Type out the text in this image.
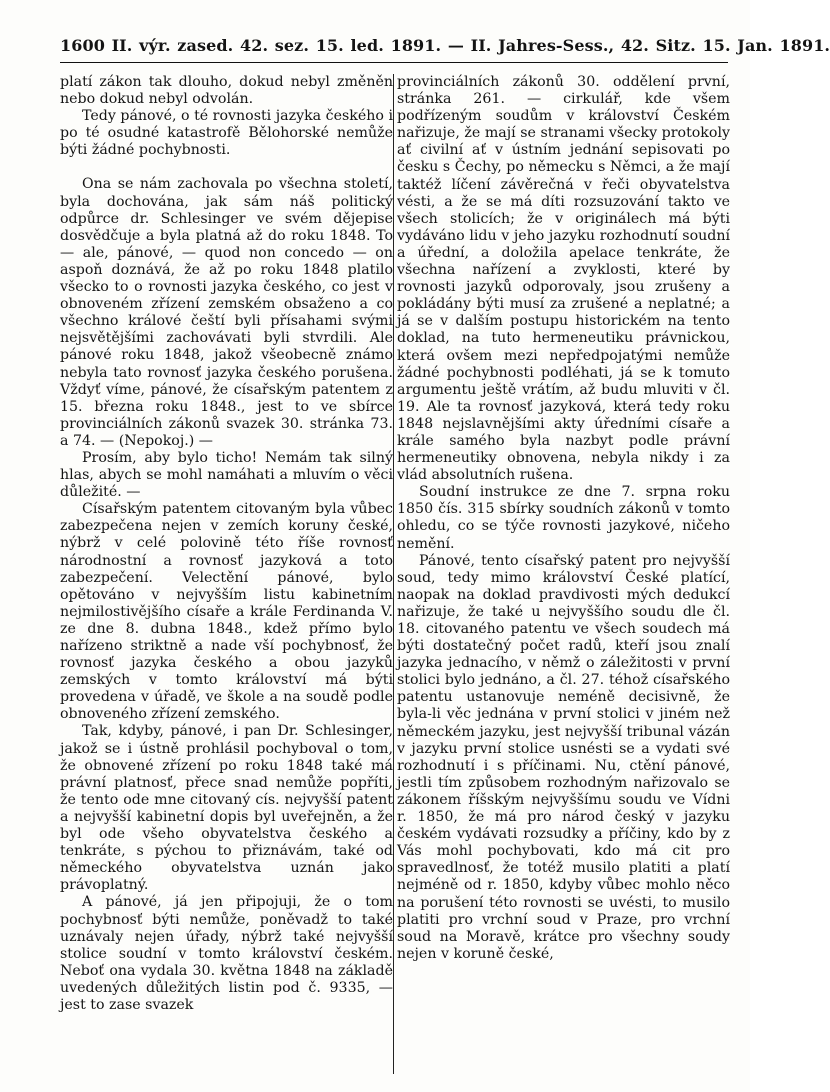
1600 II. výr. zased. 42. sez. 15. led. 1891. — II. Jahres-Sess., 42. Sitz. 15. Jan. 1891.

platí zákon tak dlouho, dokud nebyl změněn nebo dokud nebyl odvolán.

Tedy pánové, o té rovnosti jazyka českého i po té osudné katastrofě Bělohorské nemůže býti žádné pochybnosti.

Ona se nám zachovala po všechna století, byla dochována, jak sám náš politický odpůrce dr. Schlesinger ve svém dějepise dosvědčuje a byla platná až do roku 1848. To — ale, pánové, — quod non concedo — on aspoň doznává, že až po roku 1848 platilo všecko to o rovnosti jazyka českého, co jest v obnoveném zřízení zemském obsaženo a co všechno králové čeští byli přísahami svými nejsvětějšími zachovávati byli stvrdili. Ale pánové roku 1848, jakož všeobecně známo nebyla tato rovnosť jazyka českého porušena. Vždyť víme, pánové, že císařským patentem z 15. března roku 1848., jest to ve sbírce provinciálních zákonů svazek 30. stránka 73. a 74. — (Nepokoj.) —

Prosím, aby bylo ticho! Nemám tak silný hlas, abych se mohl namáhati a mluvím o věci důležité. —

Císařským patentem citovaným byla vůbec zabezpečena nejen v zemích koruny české, nýbrž v celé polovině této říše rovnosť národnostní a rovnosť jazyková a toto zabezpečení. Velectění pánové, bylo opětováno v nejvyšším listu kabinetním nejmilostivějšího císaře a krále Ferdinanda V. ze dne 8. dubna 1848., kdež přímo bylo nařízeno striktně a nade vší pochybnosť, že rovnosť jazyka českého a obou jazyků zemských v tomto království má býti provedena v úřadě, ve škole a na soudě podle obnoveného zřízení zemského.

Tak, kdyby, pánové, i pan Dr. Schlesinger, jakož se i ústně prohlásil pochyboval o tom, že obnovené zřízení po roku 1848 také má právní platnosť, přece snad nemůže popříti, že tento ode mne citovaný cís. nejvyšší patent a nejvyšší kabinetní dopis byl uveřejněn, a že byl ode všeho obyvatelstva českého a tenkráte, s pýchou to přiznávám, také od německého obyvatelstva uznán jako právoplatný.

A pánové, já jen připojuji, že o tom pochybnosť býti nemůže, poněvadž to také uznávaly nejen úřady, nýbrž také nejvyšší stolice soudní v tomto království českém. Neboť ona vydala 30. května 1848 na základě uvedených důležitých listin pod č. 9335, — jest to zase svazek

provinciálních zákonů 30. oddělení první, stránka 261. — cirkulář, kde všem podřízeným soudům v království Českém nařizuje, že mají se stranami všecky protokoly ať civilní ať v ústním jednání sepisovati po česku s Čechy, po německu s Němci, a že mají taktéž líčení závěrečná v řeči obyvatelstva vésti, a že se má díti rozsuzování takto ve všech stolicích; že v originálech má býti vydáváno lidu v jeho jazyku rozhodnutí soudní a úřední, a doložila apelace tenkráte, že všechna nařízení a zvyklosti, které by rovnosti jazyků odporovaly, jsou zrušeny a pokládány býti musí za zrušené a neplatné; a já se v dalším postupu historickém na tento doklad, na tuto hermeneutiku právnickou, která ovšem mezi nepředpojatými nemůže žádné pochybnosti podléhati, já se k tomuto argumentu ještě vrátím, až budu mluviti v čl. 19. Ale ta rovnosť jazyková, která tedy roku 1848 nejslavnějšími akty úředními císaře a krále samého byla nazbyt podle právní hermeneutiky obnovena, nebyla nikdy i za vlád absolutních rušena.

Soudní instrukce ze dne 7. srpna roku 1850 čís. 315 sbírky soudních zákonů v tomto ohledu, co se týče rovnosti jazykové, ničeho nemění.

Pánové, tento císařský patent pro nejvyšší soud, tedy mimo království České platící, naopak na doklad pravdivosti mých dedukcí nařizuje, že také u nejvyššího soudu dle čl. 18. citovaného patentu ve všech soudech má býti dostatečný počet radů, kteří jsou znalí jazyka jednacího, v němž o záležitosti v první stolici bylo jednáno, a čl. 27. téhož císařského patentu ustanovuje neméně decisivně, že byla-li věc jednána v první stolici v jiném než německém jazyku, jest nejvyšší tribunal vázán v jazyku první stolice usnésti se a vydati své rozhodnutí i s příčinami. Nu, ctění pánové, jestli tím způsobem rozhodným nařizovalo se zákonem říšským nejvyššímu soudu ve Vídni r. 1850, že má pro národ český v jazyku českém vydávati rozsudky a příčiny, kdo by z Vás mohl pochybovati, kdo má cit pro spravedlnosť, že totéž musilo platiti a platí nejméně od r. 1850, kdyby vůbec mohlo něco na porušení této rovnosti se uvésti, to musilo platiti pro vrchní soud v Praze, pro vrchní soud na Moravě, krátce pro všechny soudy nejen v koruně české,
